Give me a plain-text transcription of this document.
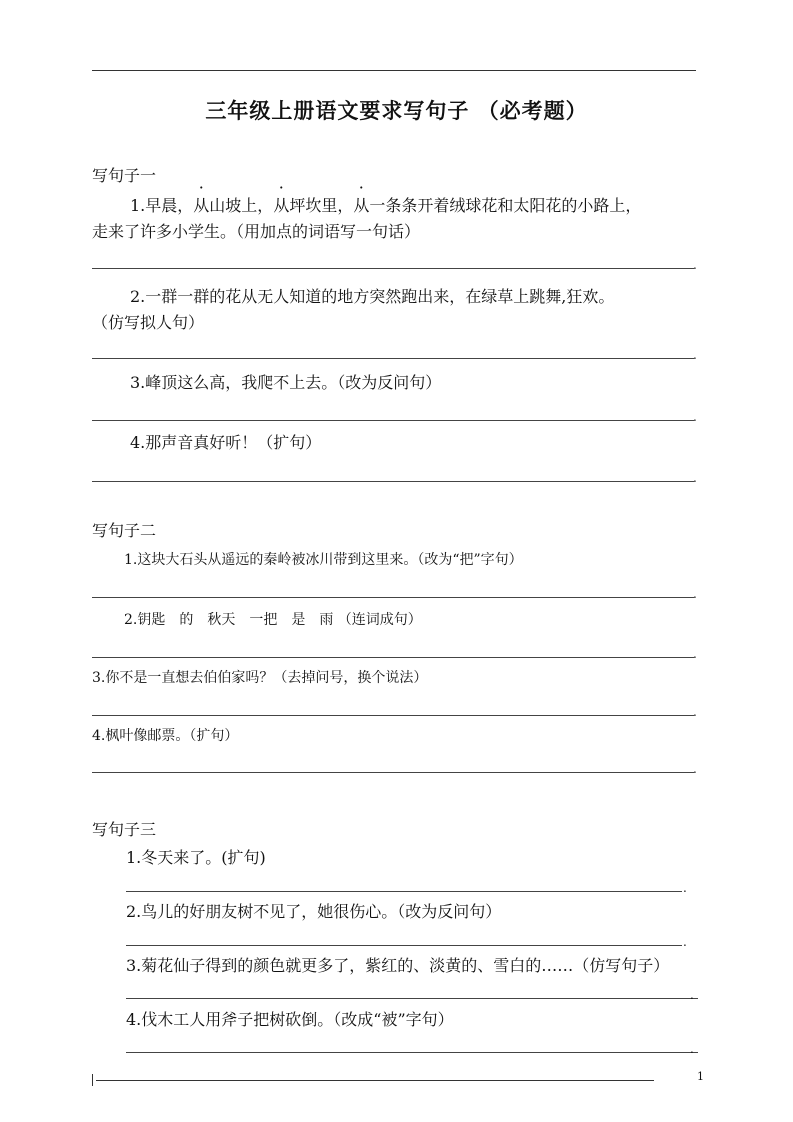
三年级上册语文要求写句子 （必考题）
写句子一
1.早晨，从山坡上，从坪坎里，从一条条开着绒球花和太阳花的小路上，
走来了许多小学生。（用加点的词语写一句话）
.
2.一群一群的花从无人知道的地方突然跑出来，在绿草上跳舞,狂欢。
（仿写拟人句）
.
3.峰顶这么高，我爬不上去。（改为反问句）
.
4.那声音真好听！（扩句）
.
写句子二
1.这块大石头从遥远的秦岭被冰川带到这里来。（改为“把”字句）
.
2.钥匙　的　秋天　一把　是　雨 （连词成句）
.
3.你不是一直想去伯伯家吗？（去掉问号，换个说法）
.
4.枫叶像邮票。（扩句）
.
写句子三
1.冬天来了。(扩句)
.
2.鸟儿的好朋友树不见了，她很伤心。（改为反问句）
.
3.菊花仙子得到的颜色就更多了，紫红的、淡黄的、雪白的……（仿写句子）
.
4.伐木工人用斧子把树砍倒。（改成“被”字句）
.
1
